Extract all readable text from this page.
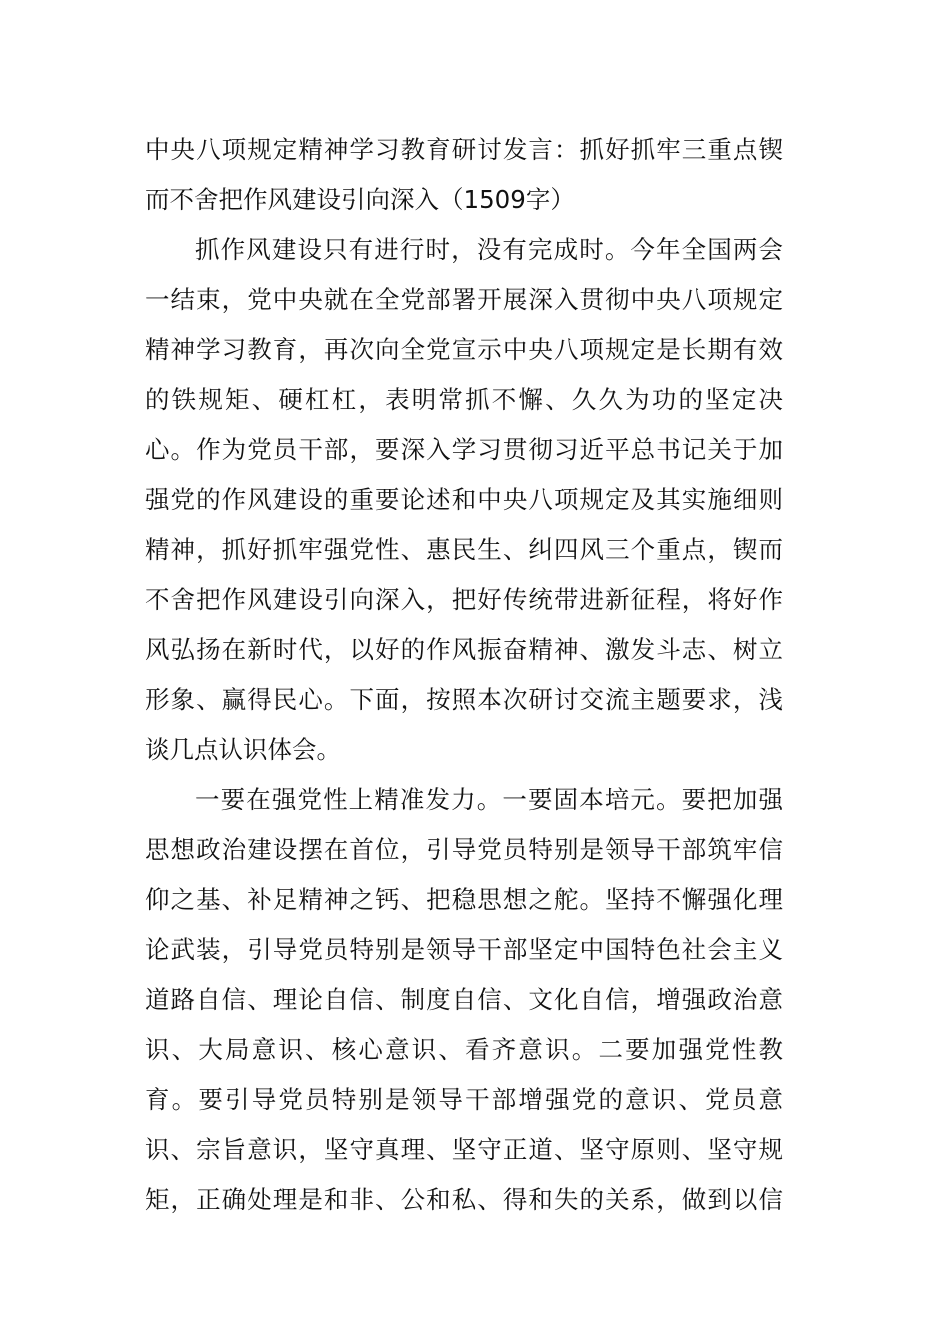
中央八项规定精神学习教育研讨发言：抓好抓牢三重点锲
而不舍把作风建设引向深入（1509字）
抓作风建设只有进行时，没有完成时。今年全国两会
一结束，党中央就在全党部署开展深入贯彻中央八项规定
精神学习教育，再次向全党宣示中央八项规定是长期有效
的铁规矩、硬杠杠，表明常抓不懈、久久为功的坚定决
心。作为党员干部，要深入学习贯彻习近平总书记关于加
强党的作风建设的重要论述和中央八项规定及其实施细则
精神，抓好抓牢强党性、惠民生、纠四风三个重点，锲而
不舍把作风建设引向深入，把好传统带进新征程，将好作
风弘扬在新时代，以好的作风振奋精神、激发斗志、树立
形象、赢得民心。下面，按照本次研讨交流主题要求，浅
谈几点认识体会。
一要在强党性上精准发力。一要固本培元。要把加强
思想政治建设摆在首位，引导党员特别是领导干部筑牢信
仰之基、补足精神之钙、把稳思想之舵。坚持不懈强化理
论武装，引导党员特别是领导干部坚定中国特色社会主义
道路自信、理论自信、制度自信、文化自信，增强政治意
识、大局意识、核心意识、看齐意识。二要加强党性教
育。要引导党员特别是领导干部增强党的意识、党员意
识、宗旨意识，坚守真理、坚守正道、坚守原则、坚守规
矩，正确处理是和非、公和私、得和失的关系，做到以信
